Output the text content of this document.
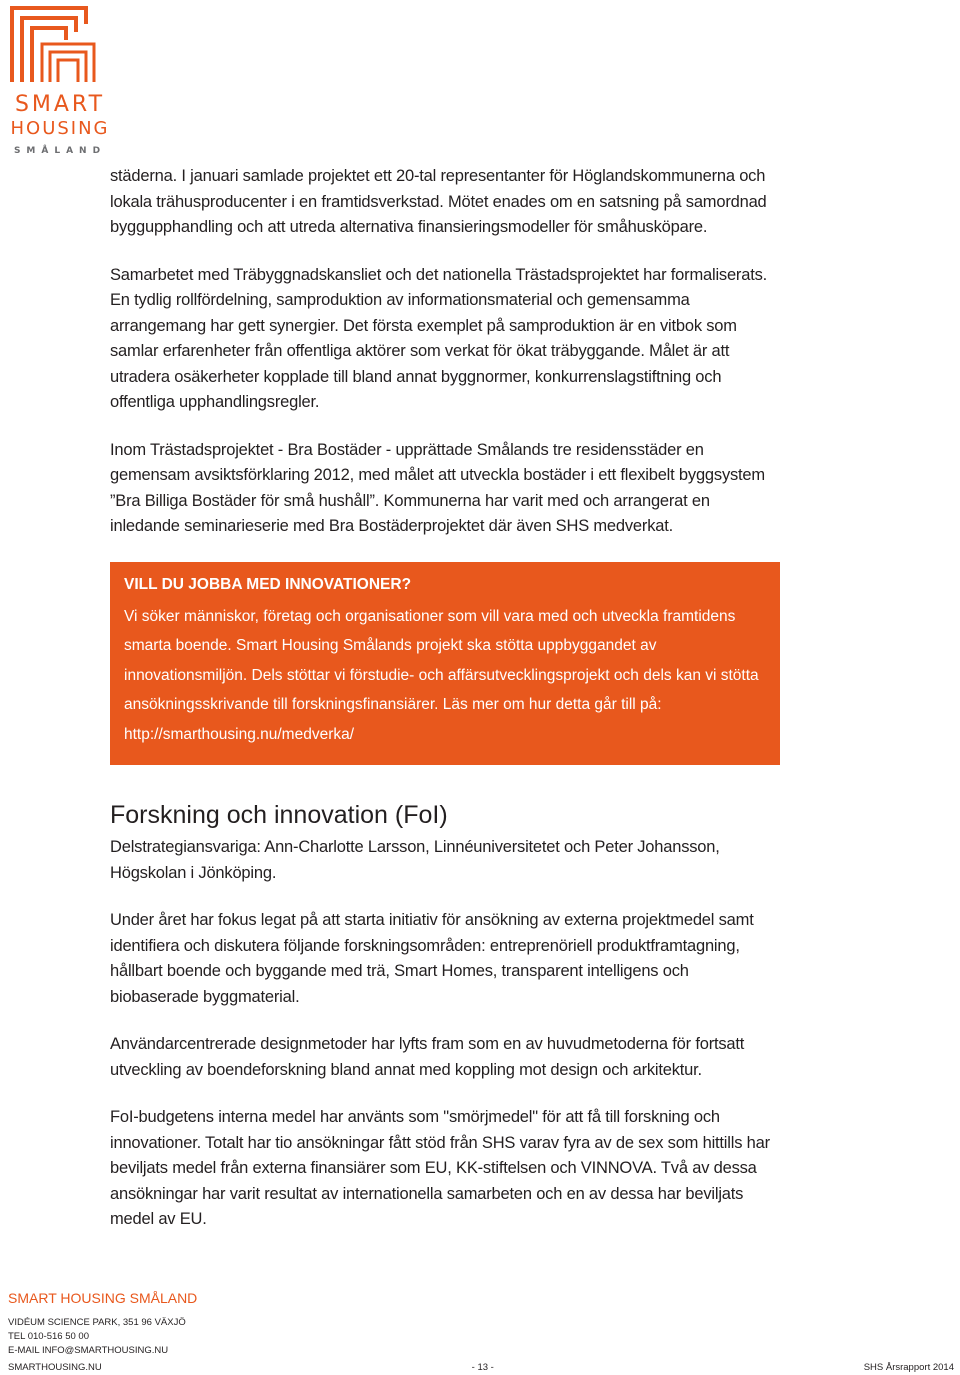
SMART
HOUSING
SMÅLAND

städerna. I januari samlade projektet ett 20-tal representanter för Höglandskommunerna och lokala trähusproducenter i en framtidsverkstad. Mötet enades om en satsning på samordnad byggupphandling och att utreda alternativa finansieringsmodeller för småhusköpare.

Samarbetet med Träbyggnadskansliet och det nationella Trästadsprojektet har formaliserats. En tydlig rollfördelning, samproduktion av informationsmaterial och gemensamma arrangemang har gett synergier. Det första exemplet på samproduktion är en vitbok som samlar erfarenheter från offentliga aktörer som verkat för ökat träbyggande. Målet är att utradera osäkerheter kopplade till bland annat byggnormer, konkurrenslagstiftning och offentliga upphandlingsregler.

Inom Trästadsprojektet - Bra Bostäder - upprättade Smålands tre residensstäder en gemensam avsiktsförklaring 2012, med målet att utveckla bostäder i ett flexibelt byggsystem ”Bra Billiga Bostäder för små hushåll”. Kommunerna har varit med och arrangerat en inledande seminarieserie med Bra Bostäderprojektet där även SHS medverkat.

VILL DU JOBBA MED INNOVATIONER?

Vi söker människor, företag och organisationer som vill vara med och utveckla framtidens smarta boende. Smart Housing Smålands projekt ska stötta uppbyggandet av innovationsmiljön. Dels stöttar vi förstudie- och affärsutvecklingsprojekt och dels kan vi stötta ansökningsskrivande till forskningsfinansiärer. Läs mer om hur detta går till på: http://smarthousing.nu/medverka/

Forskning och innovation (FoI)

Delstrategiansvariga: Ann-Charlotte Larsson, Linnéuniversitetet och Peter Johansson, Högskolan i Jönköping.

Under året har fokus legat på att starta initiativ för ansökning av externa projektmedel samt identifiera och diskutera följande forskningsområden: entreprenöriell produktframtagning, hållbart boende och byggande med trä, Smart Homes, transparent intelligens och biobaserade byggmaterial.

Användarcentrerade designmetoder har lyfts fram som en av huvudmetoderna för fortsatt utveckling av boendeforskning bland annat med koppling mot design och arkitektur.

FoI-budgetens interna medel har använts som "smörjmedel" för att få till forskning och innovationer. Totalt har tio ansökningar fått stöd från SHS varav fyra av de sex som hittills har beviljats medel från externa finansiärer som EU, KK-stiftelsen och VINNOVA. Två av dessa ansökningar har varit resultat av internationella samarbeten och en av dessa har beviljats medel av EU.

SMART HOUSING SMÅLAND
VIDÉUM SCIENCE PARK, 351 96 VÄXJÖ
TEL 010-516 50 00
E-MAIL INFO@SMARTHOUSING.NU
SMARTHOUSING.NU	- 13 -	SHS Årsrapport 2014
